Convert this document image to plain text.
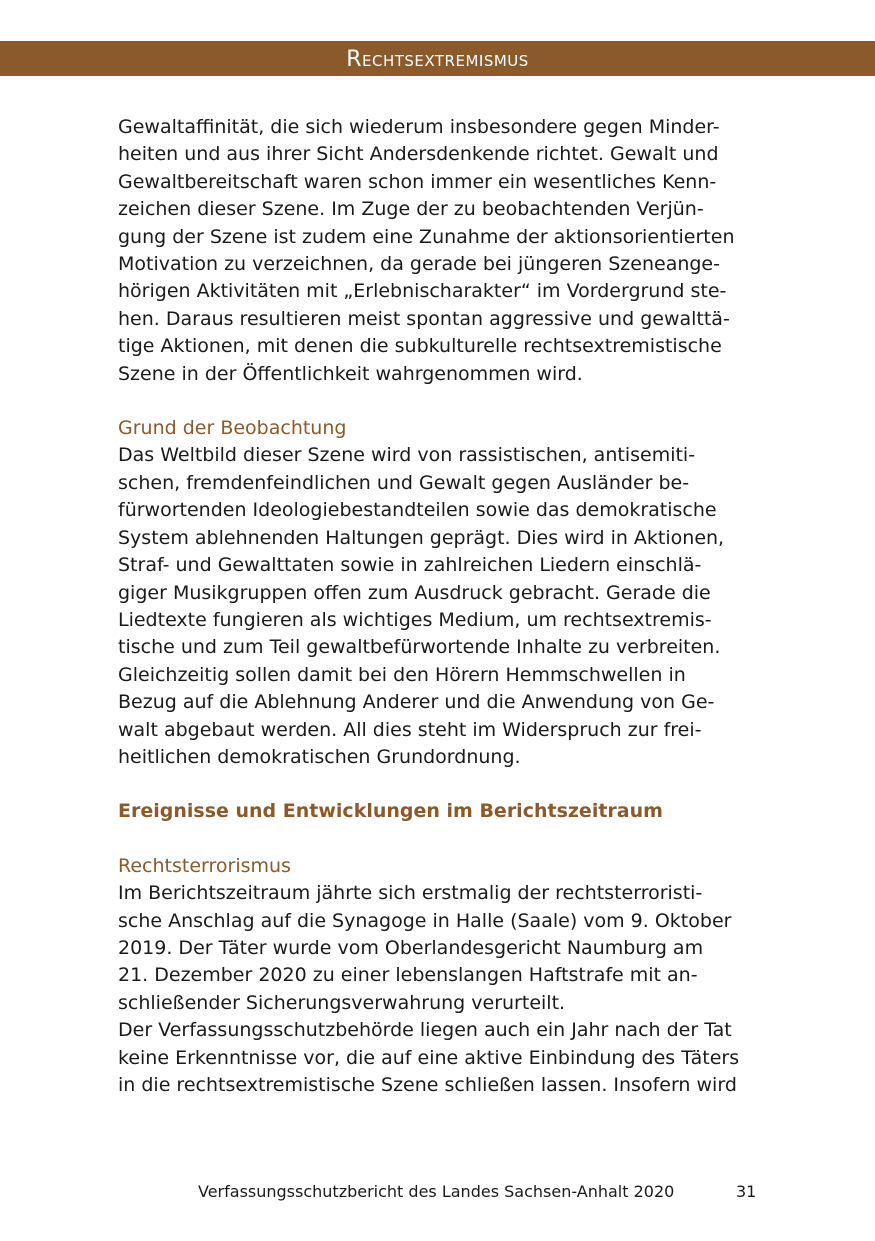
Rechtsextremismus

Gewaltaffinität, die sich wiederum insbesondere gegen Minder-
heiten und aus ihrer Sicht Andersdenkende richtet. Gewalt und
Gewaltbereitschaft waren schon immer ein wesentliches Kenn-
zeichen dieser Szene. Im Zuge der zu beobachtenden Verjün-
gung der Szene ist zudem eine Zunahme der aktionsorientierten
Motivation zu verzeichnen, da gerade bei jüngeren Szeneange-
hörigen Aktivitäten mit „Erlebnischarakter“ im Vordergrund ste-
hen. Daraus resultieren meist spontan aggressive und gewalttä-
tige Aktionen, mit denen die subkulturelle rechtsextremistische
Szene in der Öffentlichkeit wahrgenommen wird.

Grund der Beobachtung
Das Weltbild dieser Szene wird von rassistischen, antisemiti-
schen, fremdenfeindlichen und Gewalt gegen Ausländer be-
fürwortenden Ideologiebestandteilen sowie das demokratische
System ablehnenden Haltungen geprägt. Dies wird in Aktionen,
Straf- und Gewalttaten sowie in zahlreichen Liedern einschlä-
giger Musikgruppen offen zum Ausdruck gebracht. Gerade die
Liedtexte fungieren als wichtiges Medium, um rechtsextremis-
tische und zum Teil gewaltbefürwortende Inhalte zu verbreiten.
Gleichzeitig sollen damit bei den Hörern Hemmschwellen in
Bezug auf die Ablehnung Anderer und die Anwendung von Ge-
walt abgebaut werden. All dies steht im Widerspruch zur frei-
heitlichen demokratischen Grundordnung.

Ereignisse und Entwicklungen im Berichtszeitraum

Rechtsterrorismus
Im Berichtszeitraum jährte sich erstmalig der rechtsterroristi-
sche Anschlag auf die Synagoge in Halle (Saale) vom 9. Oktober
2019. Der Täter wurde vom Oberlandesgericht Naumburg am
21. Dezember 2020 zu einer lebenslangen Haftstrafe mit an-
schließender Sicherungsverwahrung verurteilt.
Der Verfassungsschutzbehörde liegen auch ein Jahr nach der Tat
keine Erkenntnisse vor, die auf eine aktive Einbindung des Täters
in die rechtsextremistische Szene schließen lassen. Insofern wird

Verfassungsschutzbericht des Landes Sachsen-Anhalt 2020	31
